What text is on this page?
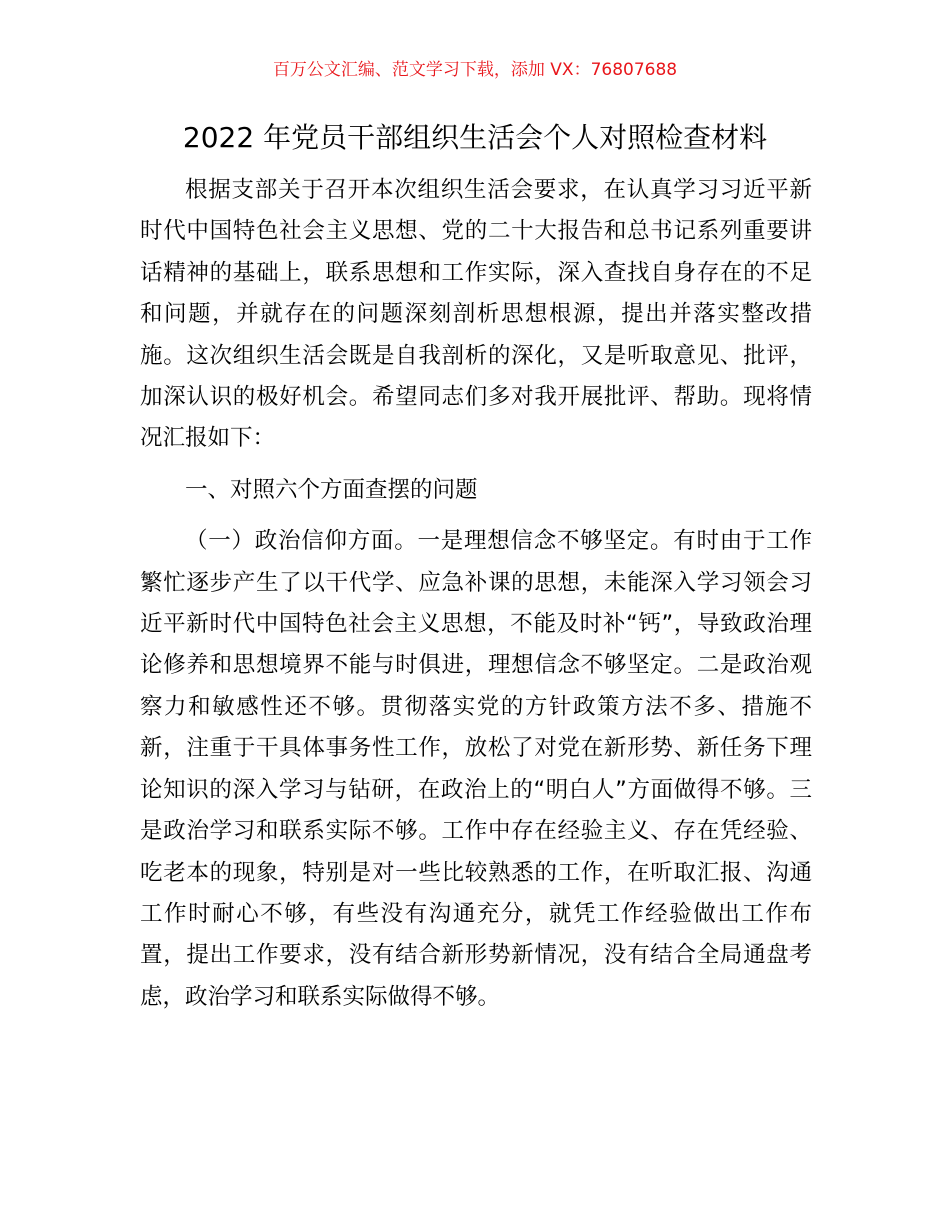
百万公文汇编、范文学习下载，添加 VX：76807688
2022 年党员干部组织生活会个人对照检查材料

根据支部关于召开本次组织生活会要求，在认真学习习近平新时代中国特色社会主义思想、党的二十大报告和总书记系列重要讲话精神的基础上，联系思想和工作实际，深入查找自身存在的不足和问题，并就存在的问题深刻剖析思想根源，提出并落实整改措施。这次组织生活会既是自我剖析的深化，又是听取意见、批评，加深认识的极好机会。希望同志们多对我开展批评、帮助。现将情况汇报如下：

一、对照六个方面查摆的问题

（一）政治信仰方面。一是理想信念不够坚定。有时由于工作繁忙逐步产生了以干代学、应急补课的思想，未能深入学习领会习近平新时代中国特色社会主义思想，不能及时补“钙”，导致政治理论修养和思想境界不能与时俱进，理想信念不够坚定。二是政治观察力和敏感性还不够。贯彻落实党的方针政策方法不多、措施不新，注重于干具体事务性工作，放松了对党在新形势、新任务下理论知识的深入学习与钻研，在政治上的“明白人”方面做得不够。三是政治学习和联系实际不够。工作中存在经验主义、存在凭经验、吃老本的现象，特别是对一些比较熟悉的工作，在听取汇报、沟通工作时耐心不够，有些没有沟通充分，就凭工作经验做出工作布置，提出工作要求，没有结合新形势新情况，没有结合全局通盘考虑，政治学习和联系实际做得不够。
